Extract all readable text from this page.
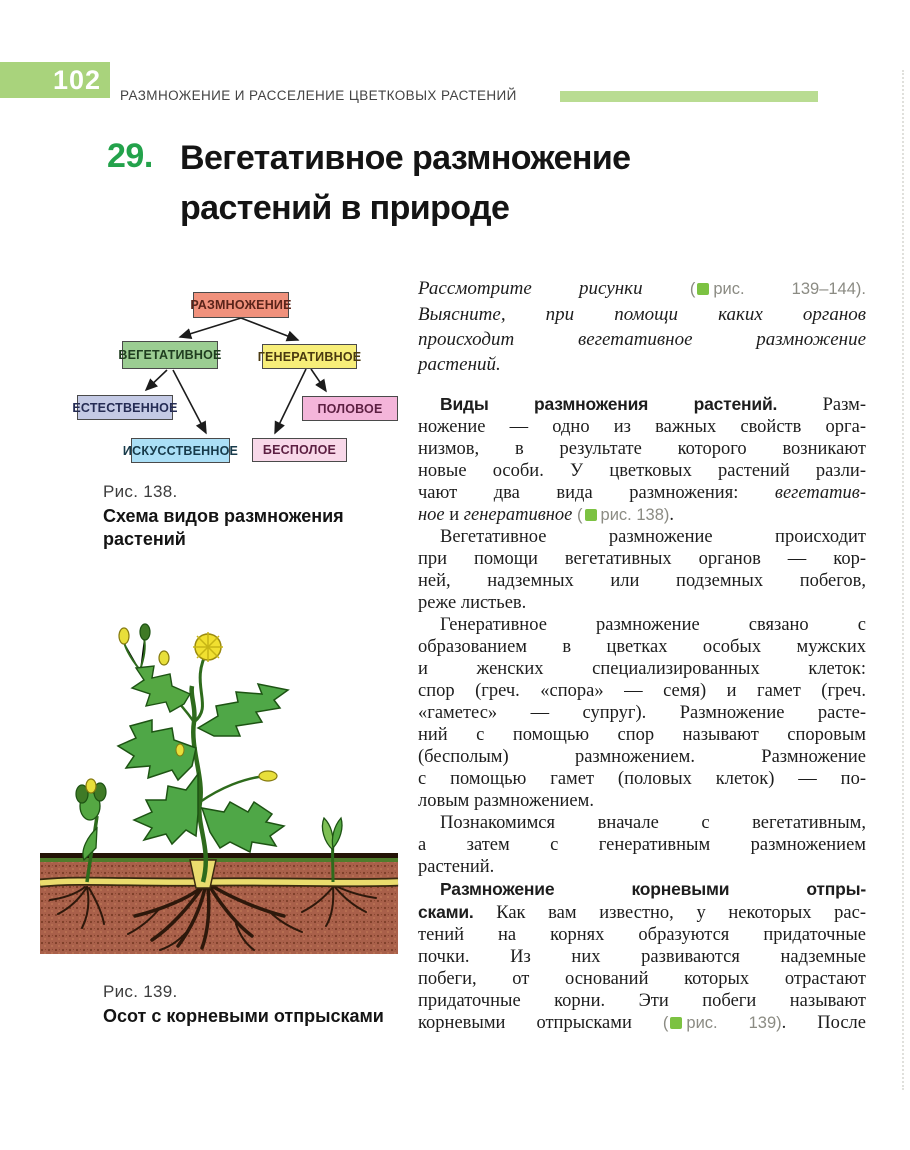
102
РАЗМНОЖЕНИЕ И РАССЕЛЕНИЕ ЦВЕТКОВЫХ РАСТЕНИЙ
29. Вегетативное размножение
растений в природе
РАЗМНОЖЕНИЕ
ВЕГЕТАТИВНОЕ	ГЕНЕРАТИВНОЕ
ЕСТЕСТВЕННОЕ
ИСКУССТВЕННОЕ
ПОЛОВОЕ
БЕСПОЛОЕ
Рис. 138.
Схема видов размножения растений
Рис. 139.
Осот с корневыми отпрысками
Рассмотрите рисунки ( рис. 139–144).
Выясните, при помощи каких органов
происходит вегетативное размножение
растений.
Виды размножения растений. Разм-
ножение — одно из важных свойств орга-
низмов, в результате которого возникают
новые особи. У цветковых растений разли-
чают два вида размножения: вегетатив-
ное и генеративное ( рис. 138).
Вегетативное размножение происходит
при помощи вегетативных органов — кор-
ней, надземных или подземных побегов,
реже листьев.
Генеративное размножение связано с
образованием в цветках особых мужских
и женских специализированных клеток:
спор (греч. «спора» — семя) и гамет (греч.
«гаметес» — супруг). Размножение расте-
ний с помощью спор называют споровым
(бесполым) размножением. Размножение
с помощью гамет (половых клеток) — по-
ловым размножением.
Познакомимся вначале с вегетативным,
а затем с генеративным размножением
растений.
Размножение корневыми отпры-
сками. Как вам известно, у некоторых рас-
тений на корнях образуются придаточные
почки. Из них развиваются надземные
побеги, от оснований которых отрастают
придаточные корни. Эти побеги называют
корневыми отпрысками ( рис. 139). После
